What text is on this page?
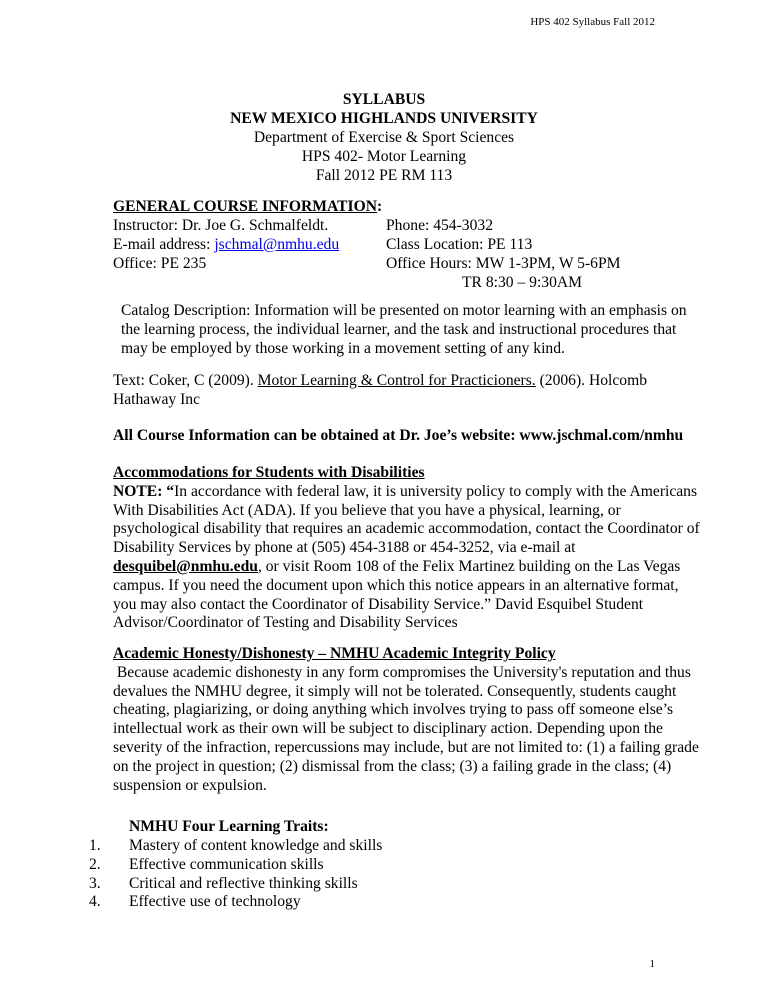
HPS 402 Syllabus Fall 2012
SYLLABUS
NEW MEXICO HIGHLANDS UNIVERSITY
Department of Exercise & Sport Sciences
HPS 402- Motor Learning
Fall 2012 PE RM 113
GENERAL COURSE INFORMATION:
Instructor: Dr. Joe G. Schmalfeldt.
E-mail address: jschmal@nmhu.edu
Office: PE 235
Phone: 454-3032
Class Location: PE 113
Office Hours: MW 1-3PM, W 5-6PM
TR 8:30 – 9:30AM
Catalog Description: Information will be presented on motor learning with an emphasis on
the learning process, the individual learner, and the task and instructional procedures that
may be employed by those working in a movement setting of any kind.
Text: Coker, C (2009). Motor Learning & Control for Practicioners. (2006). Holcomb
Hathaway Inc
All Course Information can be obtained at Dr. Joe’s website: www.jschmal.com/nmhu
Accommodations for Students with Disabilities
NOTE: “In accordance with federal law, it is university policy to comply with the Americans
With Disabilities Act (ADA). If you believe that you have a physical, learning, or
psychological disability that requires an academic accommodation, contact the Coordinator of
Disability Services by phone at (505) 454-3188 or 454-3252, via e-mail at
desquibel@nmhu.edu, or visit Room 108 of the Felix Martinez building on the Las Vegas
campus. If you need the document upon which this notice appears in an alternative format,
you may also contact the Coordinator of Disability Service.” David Esquibel Student
Advisor/Coordinator of Testing and Disability Services
Academic Honesty/Dishonesty – NMHU Academic Integrity Policy
Because academic dishonesty in any form compromises the University's reputation and thus
devalues the NMHU degree, it simply will not be tolerated. Consequently, students caught
cheating, plagiarizing, or doing anything which involves trying to pass off someone else’s
intellectual work as their own will be subject to disciplinary action. Depending upon the
severity of the infraction, repercussions may include, but are not limited to: (1) a failing grade
on the project in question; (2) dismissal from the class; (3) a failing grade in the class; (4)
suspension or expulsion.
NMHU Four Learning Traits:
1. Mastery of content knowledge and skills
2. Effective communication skills
3. Critical and reflective thinking skills
4. Effective use of technology
1
